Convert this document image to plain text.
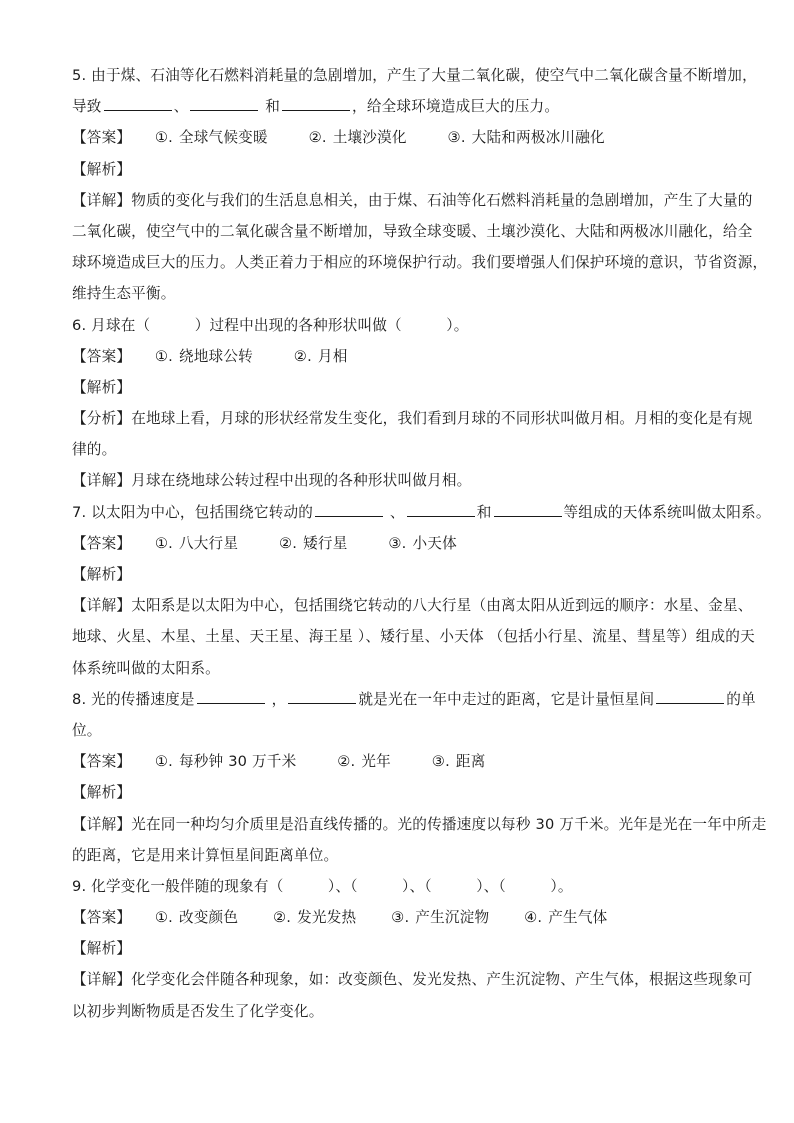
5. 由于煤、石油等化石燃料消耗量的急剧增加，产生了大量二氧化碳，使空气中二氧化碳含量不断增加，
导致	、	和	，给全球环境造成巨大的压力。
【答案】 ①. 全球气候变暖	②. 土壤沙漠化	③. 大陆和两极冰川融化
【解析】
【详解】物质的变化与我们的生活息息相关，由于煤、石油等化石燃料消耗量的急剧增加，产生了大量的
二氧化碳，使空气中的二氧化碳含量不断增加，导致全球变暖、土壤沙漠化、大陆和两极冰川融化，给全
球环境造成巨大的压力。人类正着力于相应的环境保护行动。我们要增强人们保护环境的意识，节省资源，
维持生态平衡。
6. 月球在（　　　）过程中出现的各种形状叫做（　　　）。
【答案】 ①. 绕地球公转	②. 月相
【解析】
【分析】在地球上看，月球的形状经常发生变化，我们看到月球的不同形状叫做月相。月相的变化是有规
律的。
【详解】月球在绕地球公转过程中出现的各种形状叫做月相。
7. 以太阳为中心，包括围绕它转动的	、	和	等组成的天体系统叫做太阳系。
【答案】 ①. 八大行星	②. 矮行星	③. 小天体
【解析】
【详解】太阳系是以太阳为中心，包括围绕它转动的八大行星（由离太阳从近到远的顺序：水星、金星、
地球、火星、木星、土星、天王星、海王星 ）、矮行星、小天体 （包括小行星、流星、彗星等）组成的天
体系统叫做的太阳系。
8. 光的传播速度是	，	就是光在一年中走过的距离，它是计量恒星间	的单
位。
【答案】 ①. 每秒钟 30 万千米	②. 光年	③. 距离
【解析】
【详解】光在同一种均匀介质里是沿直线传播的。光的传播速度以每秒 30 万千米。光年是光在一年中所走
的距离，它是用来计算恒星间距离单位。
9. 化学变化一般伴随的现象有（　　　）、（　　　）、（　　　）、（　　　）。
【答案】 ①. 改变颜色 ②. 发光发热 ③. 产生沉淀物 ④. 产生气体
【解析】
【详解】化学变化会伴随各种现象，如：改变颜色、发光发热、产生沉淀物、产生气体，根据这些现象可
以初步判断物质是否发生了化学变化。
